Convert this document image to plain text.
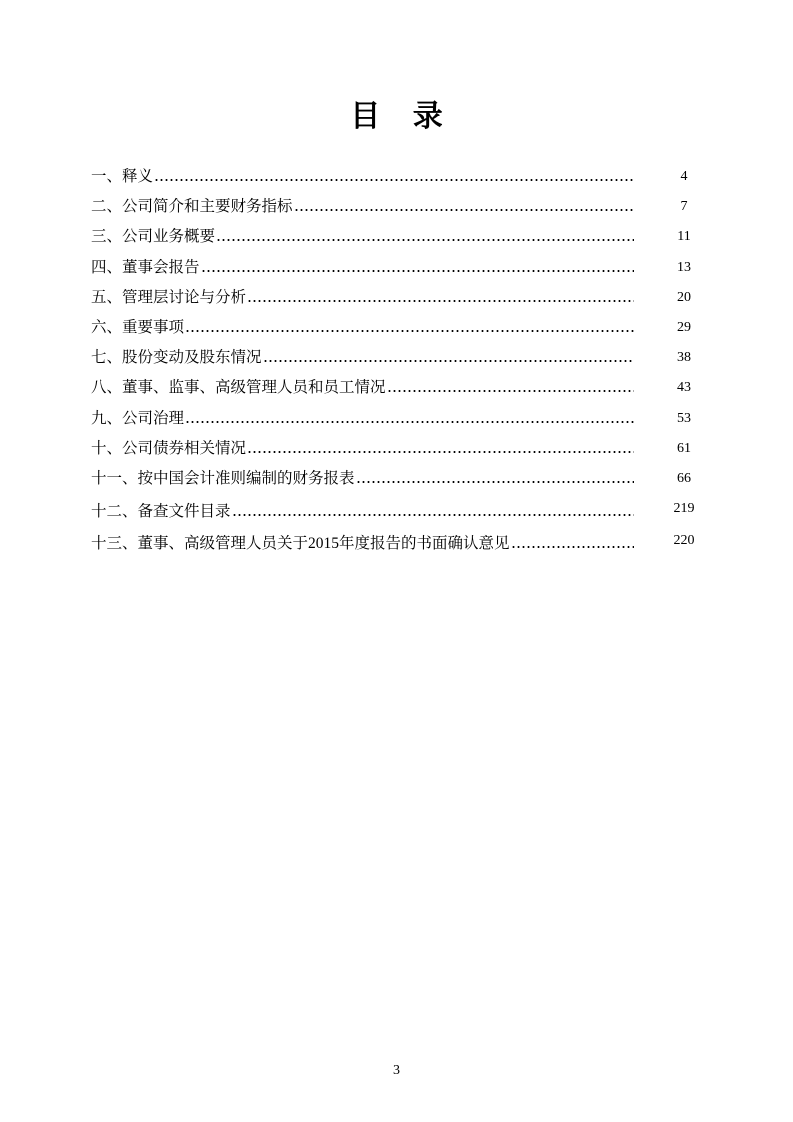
目 录
一、释义	4
二、公司简介和主要财务指标	7
三、公司业务概要	11
四、董事会报告	13
五、管理层讨论与分析	20
六、重要事项	29
七、股份变动及股东情况	38
八、董事、监事、高级管理人员和员工情况	43
九、公司治理	53
十、公司债券相关情况	61
十一、按中国会计准则编制的财务报表	66
十二、备查文件目录	219
十三、董事、高级管理人员关于2015年度报告的书面确认意见	220
3
